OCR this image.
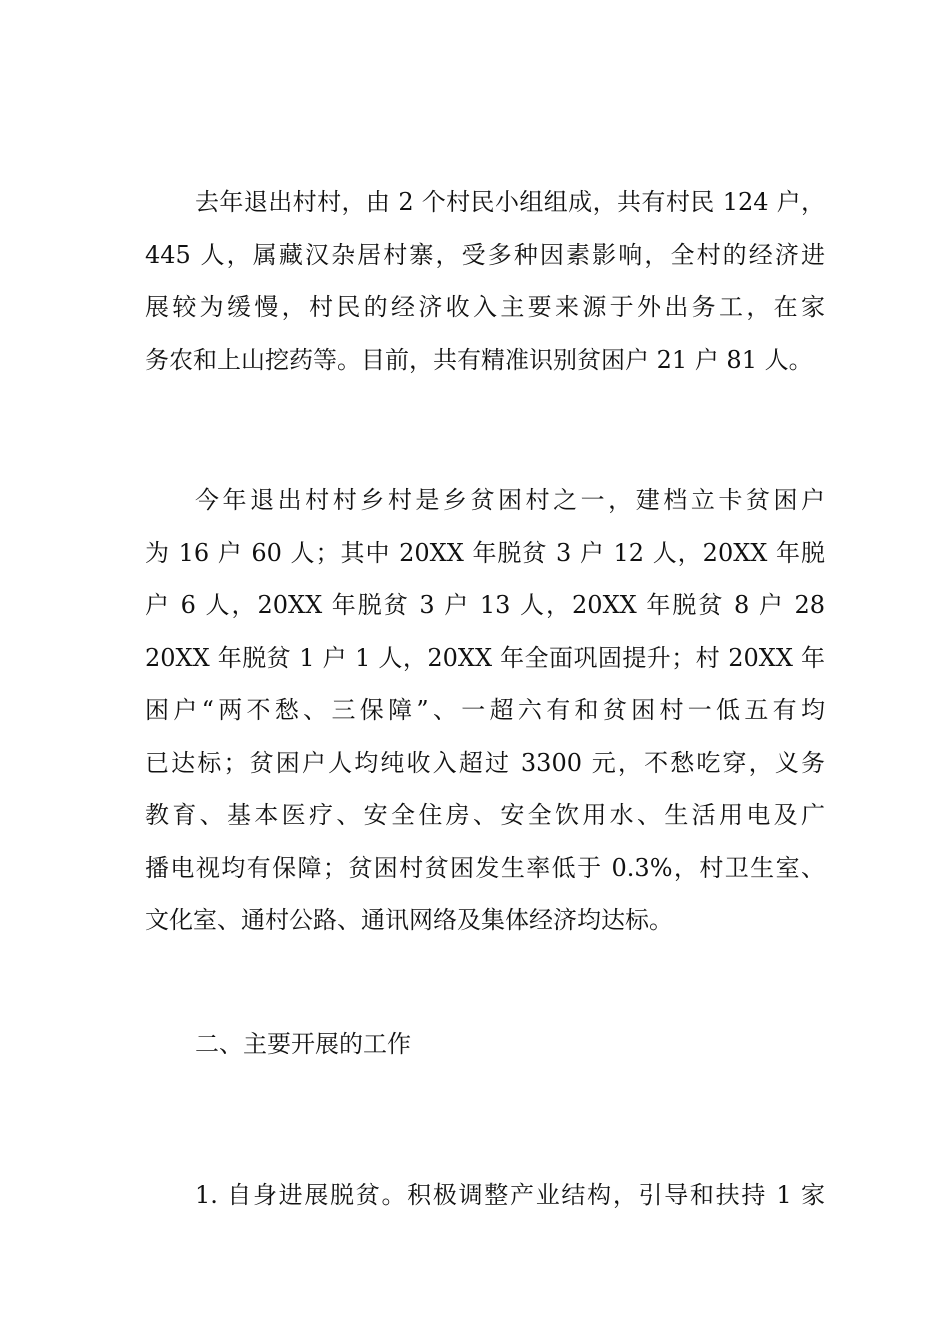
去年退出村村，由 2 个村民小组组成，共有村民 124 户，
445 人，属藏汉杂居村寨，受多种因素影响，全村的经济进
展较为缓慢，村民的经济收入主要来源于外出务工，在家
务农和上山挖药等。目前，共有精准识别贫困户 21 户 81 人。
今年退出村村乡村是乡贫困村之一，建档立卡贫困户
为 16 户 60 人；其中 20XX 年脱贫 3 户 12 人，20XX 年脱
户 6 人，20XX 年脱贫 3 户 13 人，20XX 年脱贫 8 户 28
20XX 年脱贫 1 户 1 人，20XX 年全面巩固提升；村 20XX 年
困户“两不愁、三保障”、一超六有和贫困村一低五有均
已达标；贫困户人均纯收入超过 3300 元，不愁吃穿，义务
教育、基本医疗、安全住房、安全饮用水、生活用电及广
播电视均有保障；贫困村贫困发生率低于 0.3%，村卫生室、
文化室、通村公路、通讯网络及集体经济均达标。
二、主要开展的工作
1. 自身进展脱贫。积极调整产业结构，引导和扶持 1 家
